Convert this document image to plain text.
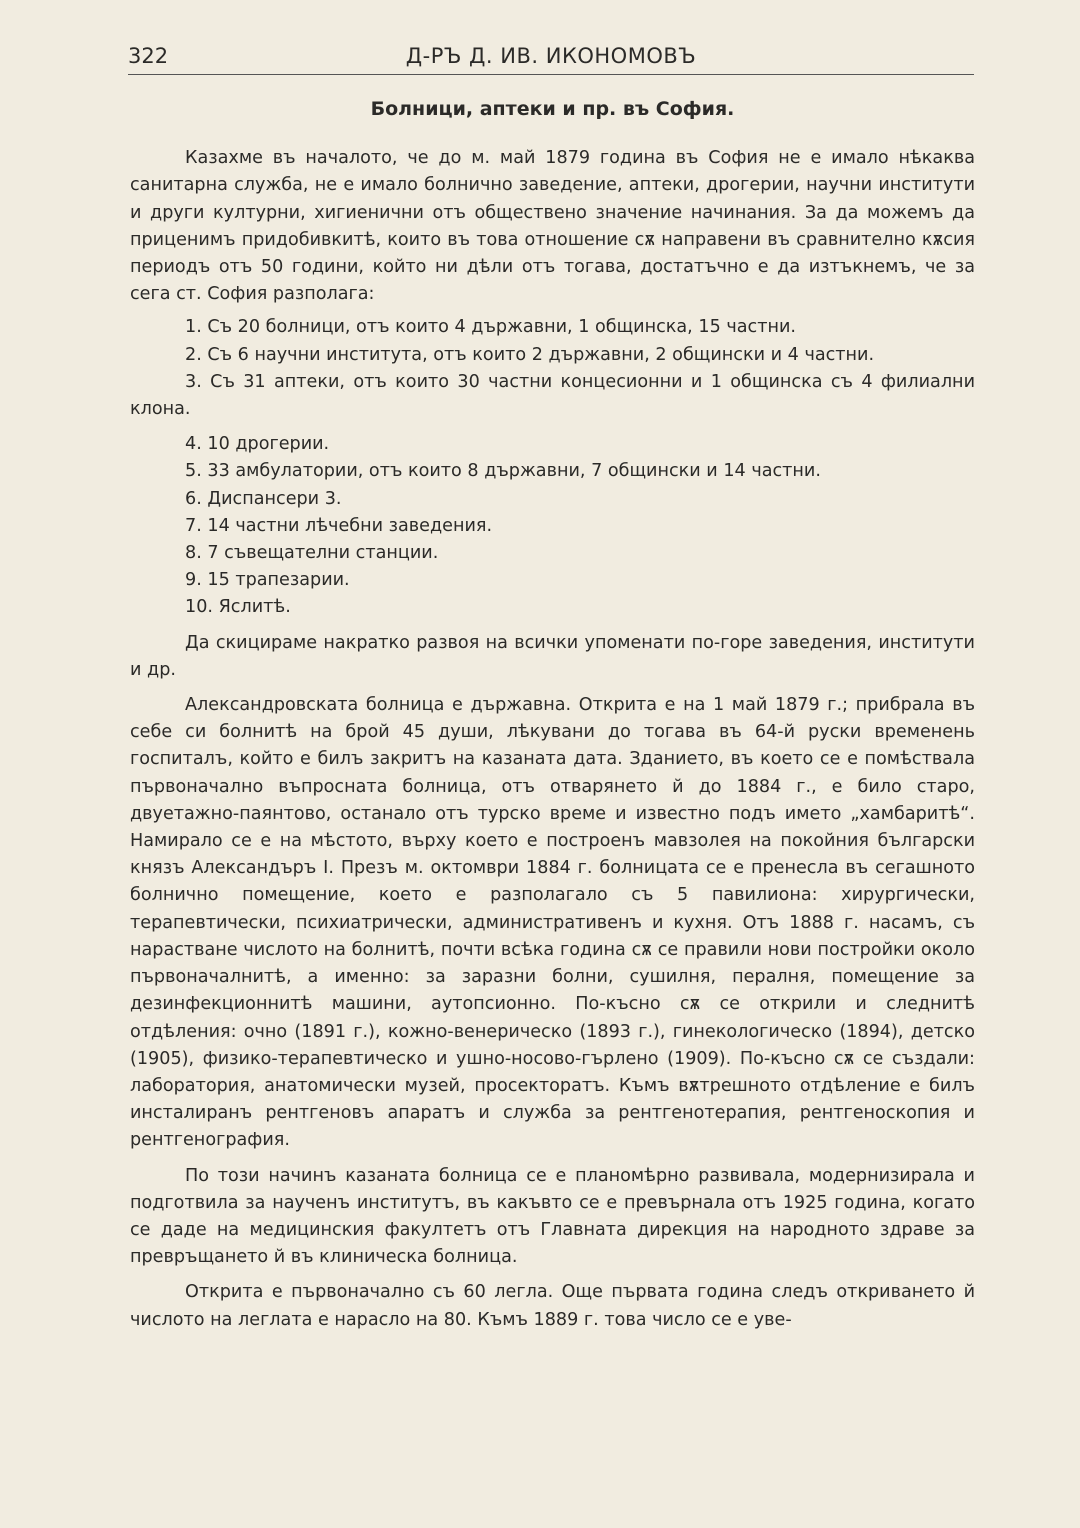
322	Д-РЪ Д. ИВ. ИКОНОМОВЪ
Болници, аптеки и пр. въ София.

Казахме въ началото, че до м. май 1879 година въ София не е имало нѣкаква санитарна служба, не е имало болнично заведение, аптеки, дрогерии, научни институти и други културни, хигиенични отъ обществено значение начинания. За да можемъ да приценимъ придобивкитѣ, които въ това отношение сѫ направени въ сравнително кѫсия периодъ отъ 50 години, който ни дѣли отъ тогава, достатъчно е да изтъкнемъ, че за сега ст. София разполага:

1. Съ 20 болници, отъ които 4 държавни, 1 общинска, 15 частни.

2. Съ 6 научни института, отъ които 2 държавни, 2 общински и 4 частни.

3. Съ 31 аптеки, отъ които 30 частни концесионни и 1 общинска съ 4 филиални клона.

4. 10 дрогерии.

5. 33 амбулатории, отъ които 8 държавни, 7 общински и 14 частни.

6. Диспансери 3.

7. 14 частни лѣчебни заведения.

8. 7 съвещателни станции.

9. 15 трапезарии.

10. Яслитѣ.

Да скицираме накратко развоя на всички упоменати по-горе заведения, институти и др.

Александровската болница е държавна. Открита е на 1 май 1879 г.; прибрала въ себе си болнитѣ на брой 45 души, лѣкувани до тогава въ 64-й руски временень госпиталъ, който е билъ закритъ на казаната дата. Зданието, въ което се е помѣствала първоначално въпросната болница, отъ отварянето й до 1884 г., е било старо, двуетажно-паянтово, останало отъ турско време и известно подъ името „хамбаритѣ“. Намирало се е на мѣстото, върху което е построенъ мавзолея на покойния български князъ Александъръ I. Презъ м. октомври 1884 г. болницата се е пренесла въ сегашното болнично помещение, което е разполагало съ 5 павилиона: хирургически, терапевтически, психиатрически, административенъ и кухня. Отъ 1888 г. насамъ, съ нарастване числото на болнитѣ, почти всѣка година сѫ се правили нови постройки около първоначалнитѣ, а именно: за заразни болни, сушилня, пералня, помещение за дезинфекционнитѣ машини, аутопсионно. По-късно сѫ се открили и следнитѣ отдѣления: очно (1891 г.), кожно-венерическо (1893 г.), гинекологическо (1894), детско (1905), физико-терапевтическо и ушно-носово-гърлено (1909). По-късно сѫ се създали: лаборатория, анатомически музей, просекторатъ. Къмъ вѫтрешното отдѣление е билъ инсталиранъ рентгеновъ апаратъ и служба за рентгенотерапия, рентгеноскопия и рентгенография.

По този начинъ казаната болница се е планомѣрно развивала, модернизирала и подготвила за наученъ институтъ, въ какъвто се е превърнала отъ 1925 година, когато се даде на медицинския факултетъ отъ Главната дирекция на народното здраве за превръщането й въ клиническа болница.

Открита е първоначално съ 60 легла. Още първата година следъ откриването й числото на леглата е нарасло на 80. Къмъ 1889 г. това число се е уве-
